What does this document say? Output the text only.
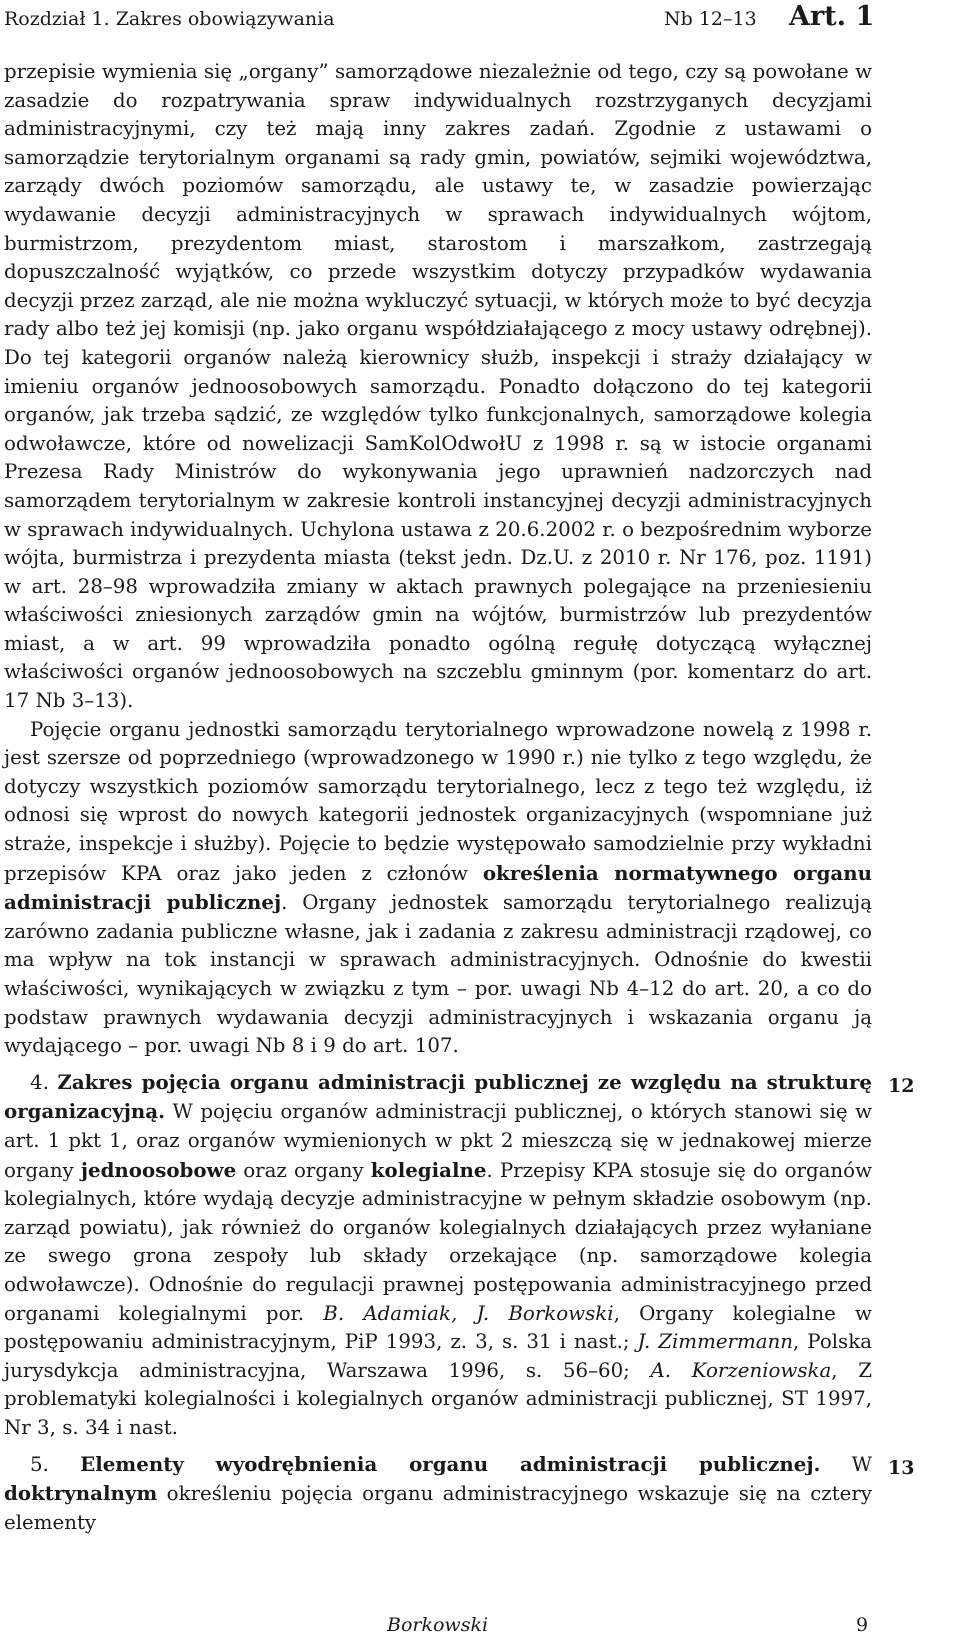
Rozdział 1. Zakres obowiązywania	Nb 12–13 Art. 1

przepisie wymienia się „organy” samorządowe niezależnie od tego, czy są powołane w zasadzie do rozpatrywania spraw indywidualnych rozstrzyganych decyzjami administracyjnymi, czy też mają inny zakres zadań. Zgodnie z ustawami o samorządzie terytorialnym organami są rady gmin, powiatów, sejmiki województwa, zarządy dwóch poziomów samorządu, ale ustawy te, w zasadzie powierzając wydawanie decyzji administracyjnych w sprawach indywidualnych wójtom, burmistrzom, prezydentom miast, starostom i marszałkom, zastrzegają dopuszczalność wyjątków, co przede wszystkim dotyczy przypadków wydawania decyzji przez zarząd, ale nie można wykluczyć sytuacji, w których może to być decyzja rady albo też jej komisji (np. jako organu współdziałającego z mocy ustawy odrębnej). Do tej kategorii organów należą kierownicy służb, inspekcji i straży działający w imieniu organów jednoosobowych samorządu. Ponadto dołączono do tej kategorii organów, jak trzeba sądzić, ze względów tylko funkcjonalnych, samorządowe kolegia odwoławcze, które od nowelizacji SamKolOdwołU z 1998 r. są w istocie organami Prezesa Rady Ministrów do wykonywania jego uprawnień nadzorczych nad samorządem terytorialnym w zakresie kontroli instancyjnej decyzji administracyjnych w sprawach indywidualnych. Uchylona ustawa z 20.6.2002 r. o bezpośrednim wyborze wójta, burmistrza i prezydenta miasta (tekst jedn. Dz.U. z 2010 r. Nr 176, poz. 1191) w art. 28–98 wprowadziła zmiany w aktach prawnych polegające na przeniesieniu właściwości zniesionych zarządów gmin na wójtów, burmistrzów lub prezydentów miast, a w art. 99 wprowadziła ponadto ogólną regułę dotyczącą wyłącznej właściwości organów jednoosobowych na szczeblu gminnym (por. komentarz do art. 17 Nb 3–13).

Pojęcie organu jednostki samorządu terytorialnego wprowadzone nowelą z 1998 r. jest szersze od poprzedniego (wprowadzonego w 1990 r.) nie tylko z tego względu, że dotyczy wszystkich poziomów samorządu terytorialnego, lecz z tego też względu, iż odnosi się wprost do nowych kategorii jednostek organizacyjnych (wspomniane już straże, inspekcje i służby). Pojęcie to będzie występowało samodzielnie przy wykładni przepisów KPA oraz jako jeden z członów określenia normatywnego organu administracji publicznej. Organy jednostek samorządu terytorialnego realizują zarówno zadania publiczne własne, jak i zadania z zakresu administracji rządowej, co ma wpływ na tok instancji w sprawach administracyjnych. Odnośnie do kwestii właściwości, wynikających w związku z tym – por. uwagi Nb 4–12 do art. 20, a co do podstaw prawnych wydawania decyzji administracyjnych i wskazania organu ją wydającego – por. uwagi Nb 8 i 9 do art. 107.

4. Zakres pojęcia organu administracji publicznej ze względu na strukturę organizacyjną. W pojęciu organów administracji publicznej, o których stanowi się w art. 1 pkt 1, oraz organów wymienionych w pkt 2 mieszczą się w jednakowej mierze organy jednoosobowe oraz organy kolegialne. Przepisy KPA stosuje się do organów kolegialnych, które wydają decyzje administracyjne w pełnym składzie osobowym (np. zarząd powiatu), jak również do organów kolegialnych działających przez wyłaniane ze swego grona zespoły lub składy orzekające (np. samorządowe kolegia odwoławcze). Odnośnie do regulacji prawnej postępowania administracyjnego przed organami kolegialnymi por. B. Adamiak, J. Borkowski, Organy kolegialne w postępowaniu administracyjnym, PiP 1993, z. 3, s. 31 i nast.; J. Zimmermann, Polska jurysdykcja administracyjna, Warszawa 1996, s. 56–60; A. Korzeniowska, Z problematyki kolegialności i kolegialnych organów administracji publicznej, ST 1997, Nr 3, s. 34 i nast.

5. Elementy wyodrębnienia organu administracji publicznej. W doktrynalnym określeniu pojęcia organu administracyjnego wskazuje się na cztery elementy

12
13
Borkowski	9
